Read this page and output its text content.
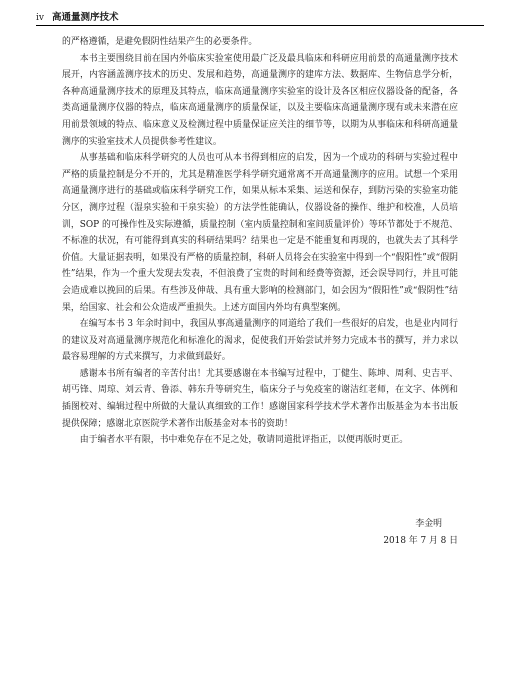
iv 高通量测序技术

的严格遵循，是避免假阴性结果产生的必要条件。

本书主要围绕目前在国内外临床实验室使用最广泛及最具临床和科研应用前景的高通量测序技术展开，内容涵盖测序技术的历史、发展和趋势，高通量测序的建库方法、数据库、生物信息学分析，各种高通量测序技术的原理及其特点，临床高通量测序实验室的设计及各区相应仪器设备的配备，各类高通量测序仪器的特点，临床高通量测序的质量保证，以及主要临床高通量测序现有或未来潜在应用前景领域的特点、临床意义及检测过程中质量保证应关注的细节等，以期为从事临床和科研高通量测序的实验室技术人员提供参考性建议。

从事基础和临床科学研究的人员也可从本书得到相应的启发，因为一个成功的科研与实验过程中严格的质量控制是分不开的，尤其是精准医学科学研究通常离不开高通量测序的应用。试想一个采用高通量测序进行的基础或临床科学研究工作，如果从标本采集、运送和保存，到防污染的实验室功能分区，测序过程（湿泉实验和干泉实验）的方法学性能确认，仪器设备的操作、维护和校准，人员培训，SOP 的可操作性及实际遵循，质量控制（室内质量控制和室间质量评价）等环节都处于不规范、不标准的状况，有可能得到真实的科研结果吗？结果也一定是不能重复和再现的，也就失去了其科学价值。大量证据表明，如果没有严格的质量控制，科研人员将会在实验室中得到一个“假阳性”或“假阴性”结果，作为一个重大发现去发表，不但浪费了宝贵的时间和经费等资源，还会误导同行，并且可能会造成难以挽回的后果。有些涉及伸哉、具有重大影响的检测部门，如会因为“假阳性”或“假阴性”结果，给国家、社会和公众造成严重损失。上述方面国内外均有典型案例。

在编写本书 3 年余时间中，我国从事高通量测序的同道给了我们一些很好的启发，也是业内同行的建议及对高通量测序规范化和标准化的渴求，促使我们开始尝试并努力完成本书的撰写，并力求以最容易理解的方式来撰写，力求做到最好。

感谢本书所有编者的辛苦付出！尤其要感谢在本书编写过程中，丁健生、陈坤、周利、史吉平、胡丐锋、周琼、刘云青、鲁添、韩东升等研究生，临床分子与免疫室的谢洁红老师，在文字、体例和插图校对、编辑过程中所做的大量认真细致的工作！感谢国家科学技术学术著作出版基金为本书出版提供保障；感谢北京医院学术著作出版基金对本书的资助！

由于编者水平有限，书中难免存在不足之处，敬请同道批评指正，以便再版时更正。

李金明
2018 年 7 月 8 日
